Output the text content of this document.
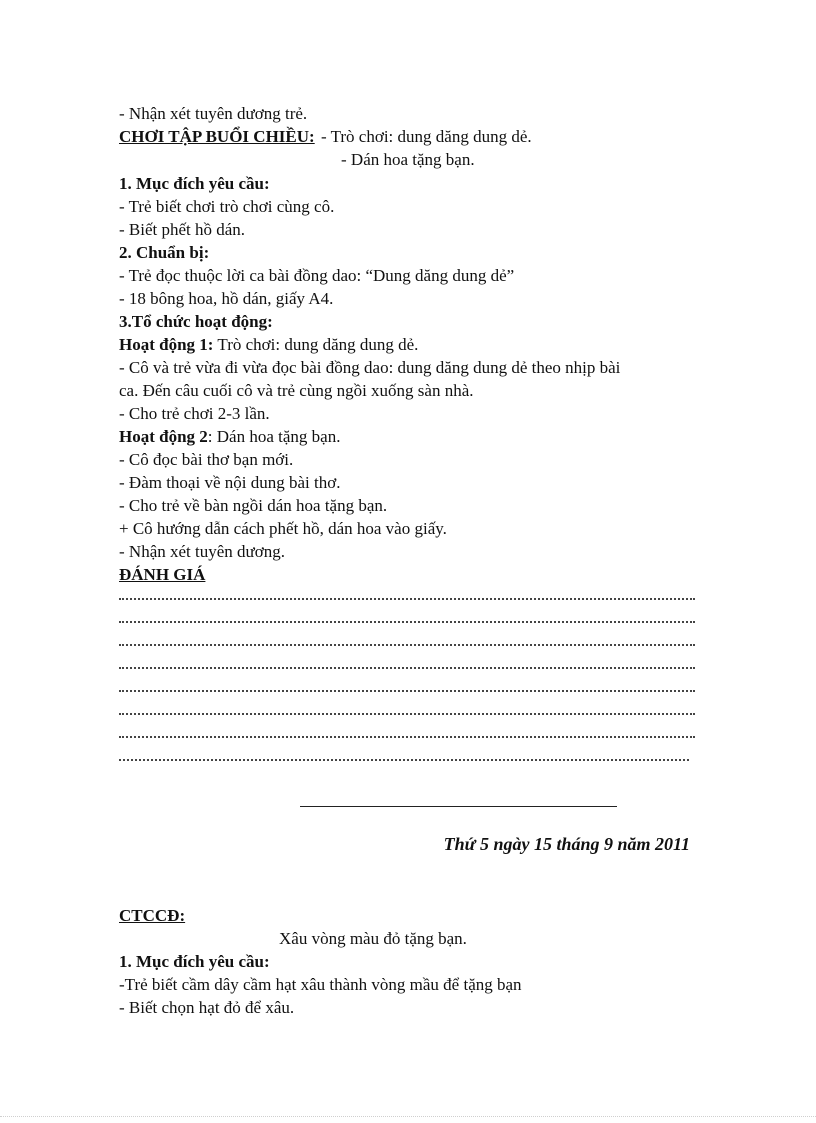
- Nhận xét tuyên dương trẻ.

CHƠI TẬP BUỔI CHIỀU: - Trò chơi: dung dăng dung dẻ.

- Dán hoa tặng bạn.

1. Mục đích yêu cầu:

- Trẻ biết chơi trò chơi cùng cô.

- Biết phết hồ dán.

2. Chuẩn bị:

- Trẻ đọc thuộc lời ca bài đồng dao: “Dung dăng dung dẻ”

- 18 bông hoa, hồ dán, giấy A4.

3.Tổ chức hoạt động:

Hoạt động 1: Trò chơi: dung dăng dung dẻ.

- Cô và trẻ vừa đi vừa đọc bài đồng dao: dung dăng dung dẻ theo nhịp bài

ca. Đến câu cuối cô và trẻ cùng ngồi xuống sàn nhà.

- Cho trẻ chơi 2-3 lần.

Hoạt động 2: Dán hoa tặng bạn.

- Cô đọc bài thơ bạn mới.

- Đàm thoại về nội dung bài thơ.

- Cho trẻ về bàn ngồi dán hoa tặng bạn.

+ Cô hướng dẫn cách phết hồ, dán hoa vào giấy.

- Nhận xét tuyên dương.

ĐÁNH GIÁ

Thứ 5 ngày 15 tháng 9 năm 2011

CTCCĐ:

Xâu vòng màu đỏ tặng bạn.

1. Mục đích yêu cầu:

-Trẻ biết cầm dây cầm hạt xâu thành vòng mầu để tặng bạn

- Biết chọn hạt đỏ để xâu.
